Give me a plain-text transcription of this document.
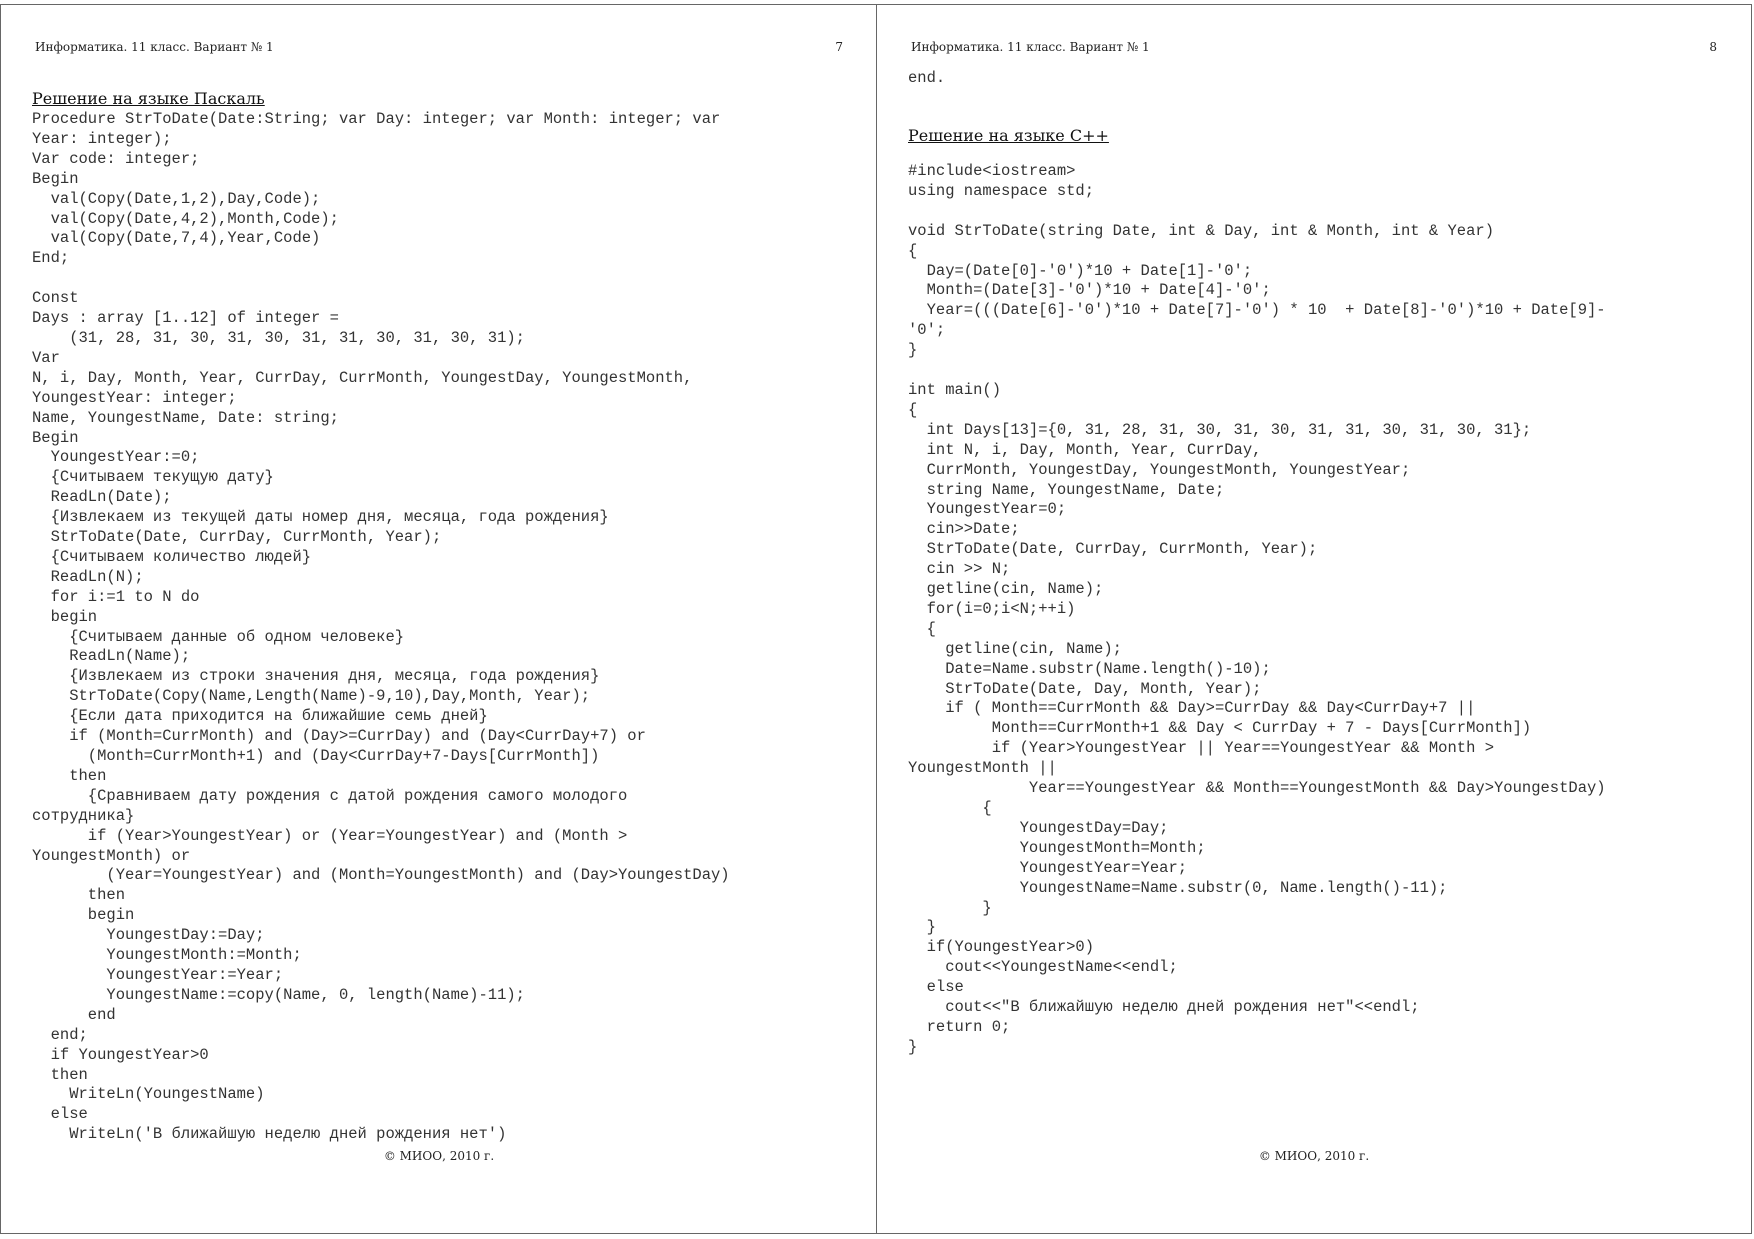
Информатика. 11 класс. Вариант № 1	7
Решение на языке Паскаль
Procedure StrToDate(Date:String; var Day: integer; var Month: integer; var
Year: integer);
Var code: integer;
Begin
val(Copy(Date,1,2),Day,Code);
val(Copy(Date,4,2),Month,Code);
val(Copy(Date,7,4),Year,Code)
End;

Const
Days : array [1..12] of integer =
(31, 28, 31, 30, 31, 30, 31, 31, 30, 31, 30, 31);
Var
N, i, Day, Month, Year, CurrDay, CurrMonth, YoungestDay, YoungestMonth,
YoungestYear: integer;
Name, YoungestName, Date: string;
Begin
YoungestYear:=0;
{Считываем текущую дату}
ReadLn(Date);
{Извлекаем из текущей даты номер дня, месяца, года рождения}
StrToDate(Date, CurrDay, CurrMonth, Year);
{Считываем количество людей}
ReadLn(N);
for i:=1 to N do
begin
{Считываем данные об одном человеке}
ReadLn(Name);
{Извлекаем из строки значения дня, месяца, года рождения}
StrToDate(Copy(Name,Length(Name)-9,10),Day,Month, Year);
{Если дата приходится на ближайшие семь дней}
if (Month=CurrMonth) and (Day>=CurrDay) and (Day<CurrDay+7) or
(Month=CurrMonth+1) and (Day<CurrDay+7-Days[CurrMonth])
then
{Сравниваем дату рождения с датой рождения самого молодого
сотрудника}
if (Year>YoungestYear) or (Year=YoungestYear) and (Month >
YoungestMonth) or
(Year=YoungestYear) and (Month=YoungestMonth) and (Day>YoungestDay)
then
begin
YoungestDay:=Day;
YoungestMonth:=Month;
YoungestYear:=Year;
YoungestName:=copy(Name, 0, length(Name)-11);
end
end;
if YoungestYear>0
then
WriteLn(YoungestName)
else
WriteLn('В ближайшую неделю дней рождения нет')
© МИОО, 2010 г.
Информатика. 11 класс. Вариант № 1	8
end.
Решение на языке С++
#include<iostream>
using namespace std;

void StrToDate(string Date, int & Day, int & Month, int & Year)
{
Day=(Date[0]-'0')*10 + Date[1]-'0';
Month=(Date[3]-'0')*10 + Date[4]-'0';
Year=(((Date[6]-'0')*10 + Date[7]-'0') * 10  + Date[8]-'0')*10 + Date[9]-
'0';
}

int main()
{
int Days[13]={0, 31, 28, 31, 30, 31, 30, 31, 31, 30, 31, 30, 31};
int N, i, Day, Month, Year, CurrDay,
CurrMonth, YoungestDay, YoungestMonth, YoungestYear;
string Name, YoungestName, Date;
YoungestYear=0;
cin>>Date;
StrToDate(Date, CurrDay, CurrMonth, Year);
cin >> N;
getline(cin, Name);
for(i=0;i<N;++i)
{
getline(cin, Name);
Date=Name.substr(Name.length()-10);
StrToDate(Date, Day, Month, Year);
if ( Month==CurrMonth && Day>=CurrDay && Day<CurrDay+7 ||
Month==CurrMonth+1 && Day < CurrDay + 7 - Days[CurrMonth])
if (Year>YoungestYear || Year==YoungestYear && Month >
YoungestMonth ||
Year==YoungestYear && Month==YoungestMonth && Day>YoungestDay)
{
YoungestDay=Day;
YoungestMonth=Month;
YoungestYear=Year;
YoungestName=Name.substr(0, Name.length()-11);
}
}
if(YoungestYear>0)
cout<<YoungestName<<endl;
else
cout<<"В ближайшую неделю дней рождения нет"<<endl;
return 0;
}
© МИОО, 2010 г.
